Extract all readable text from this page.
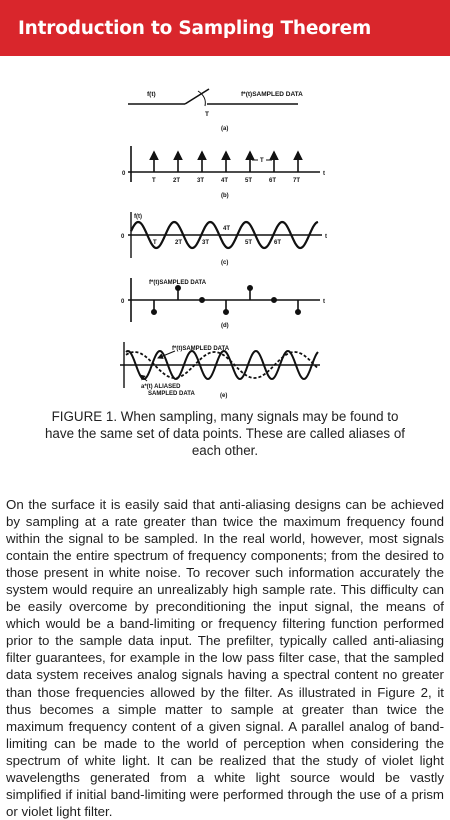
Introduction to Sampling Theorem
f(t)
T
f*(t)SAMPLED DATA
(a)
0
T	2T	3T	4T	5T	6T	7T
T
t
(b)
f(t)
0
T	2T	3T
4T
5T	6T
t
(c)
0
f*(t)SAMPLED DATA
t
(d)
f*(t)SAMPLED DATA
a*(t) ALIASED
SAMPLED DATA	(e)
FIGURE 1. When sampling, many signals may be found to have the same set of data points. These are called aliases of each other.

On the surface it is easily said that anti-aliasing designs can be achieved by sampling at a rate greater than twice the maximum frequency found within the signal to be sampled. In the real world, however, most signals contain the entire spectrum of frequency components; from the desired to those present in white noise. To recover such information accurately the system would require an unrealizably high sample rate. This difficulty can be easily overcome by preconditioning the input signal, the means of which would be a band-limiting or frequency filtering function performed prior to the sample data input. The prefilter, typically called anti-aliasing filter guarantees, for example in the low pass filter case, that the sampled data system receives analog signals having a spectral content no greater than those frequencies allowed by the filter. As illustrated in Figure 2, it thus becomes a simple matter to sample at greater than twice the maximum frequency content of a given signal. A parallel analog of band-limiting can be made to the world of perception when considering the spectrum of white light. It can be realized that the study of violet light wavelengths generated from a white light source would be vastly simplified if initial band-limiting were performed through the use of a prism or violet light filter.
